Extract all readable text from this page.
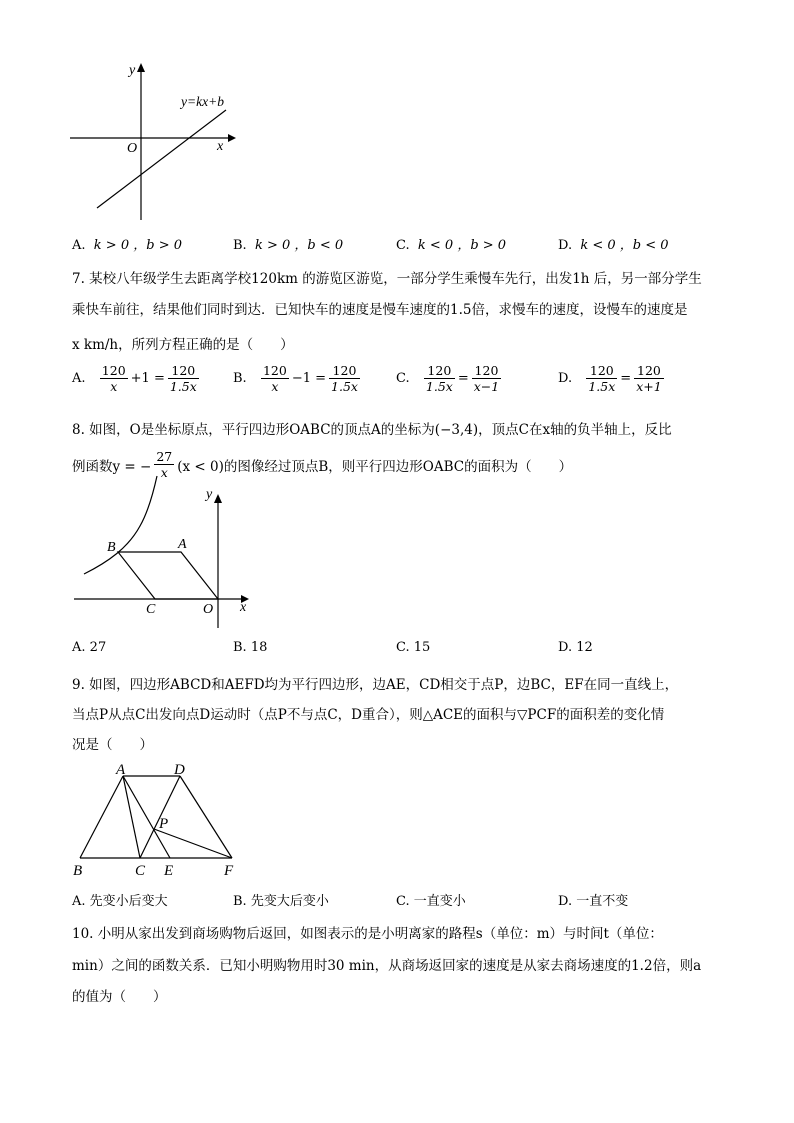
y
x
O
y=kx+b
A. k > 0 ，b > 0	B. k > 0 ，b < 0	C. k < 0 ，b > 0	D. k < 0 ，b < 0
7. 某校八年级学生去距离学校120km 的游览区游览，一部分学生乘慢车先行，出发1h 后，另一部分学生
乘快车前往，结果他们同时到达．已知快车的速度是慢车速度的1.5倍，求慢车的速度，设慢车的速度是
x km/h，所列方程正确的是（　　）
A.
$\frac{120}{x} +1 = \frac{120}{1.5x}$	B.
$\frac{120}{x} -1 = \frac{120}{1.5x}$	C.
$\frac{120}{1.5x} = \frac{120}{x-1}$	D.
$\frac{120}{1.5x} = \frac{120}{x+1}$
8. 如图，O是坐标原点，平行四边形OABC的顶点A的坐标为(−3,4)，顶点C在x轴的负半轴上，反比
例函数y = − $\frac{27}{x} (x < 0)$的图像经过顶点B，则平行四边形OABC的面积为（　　）
y
x
O
A
B
C
A. 27	B. 18	C. 15	D. 12
9. 如图，四边形ABCD和AEFD均为平行四边形，边AE，CD相交于点P，边BC，EF在同一直线上，
当点P从点C出发向点D运动时（点P不与点C，D重合），则△ACE的面积与▽PCF的面积差的变化情
况是（　　）
A	D
P
B	C E	F
A. 先变小后变大	B. 先变大后变小	C. 一直变小	D. 一直不变
10. 小明从家出发到商场购物后返回，如图表示的是小明离家的路程s（单位：m）与时间t（单位：
min）之间的函数关系．已知小明购物用时30 min，从商场返回家的速度是从家去商场速度的1.2倍，则a
的值为（　　）
